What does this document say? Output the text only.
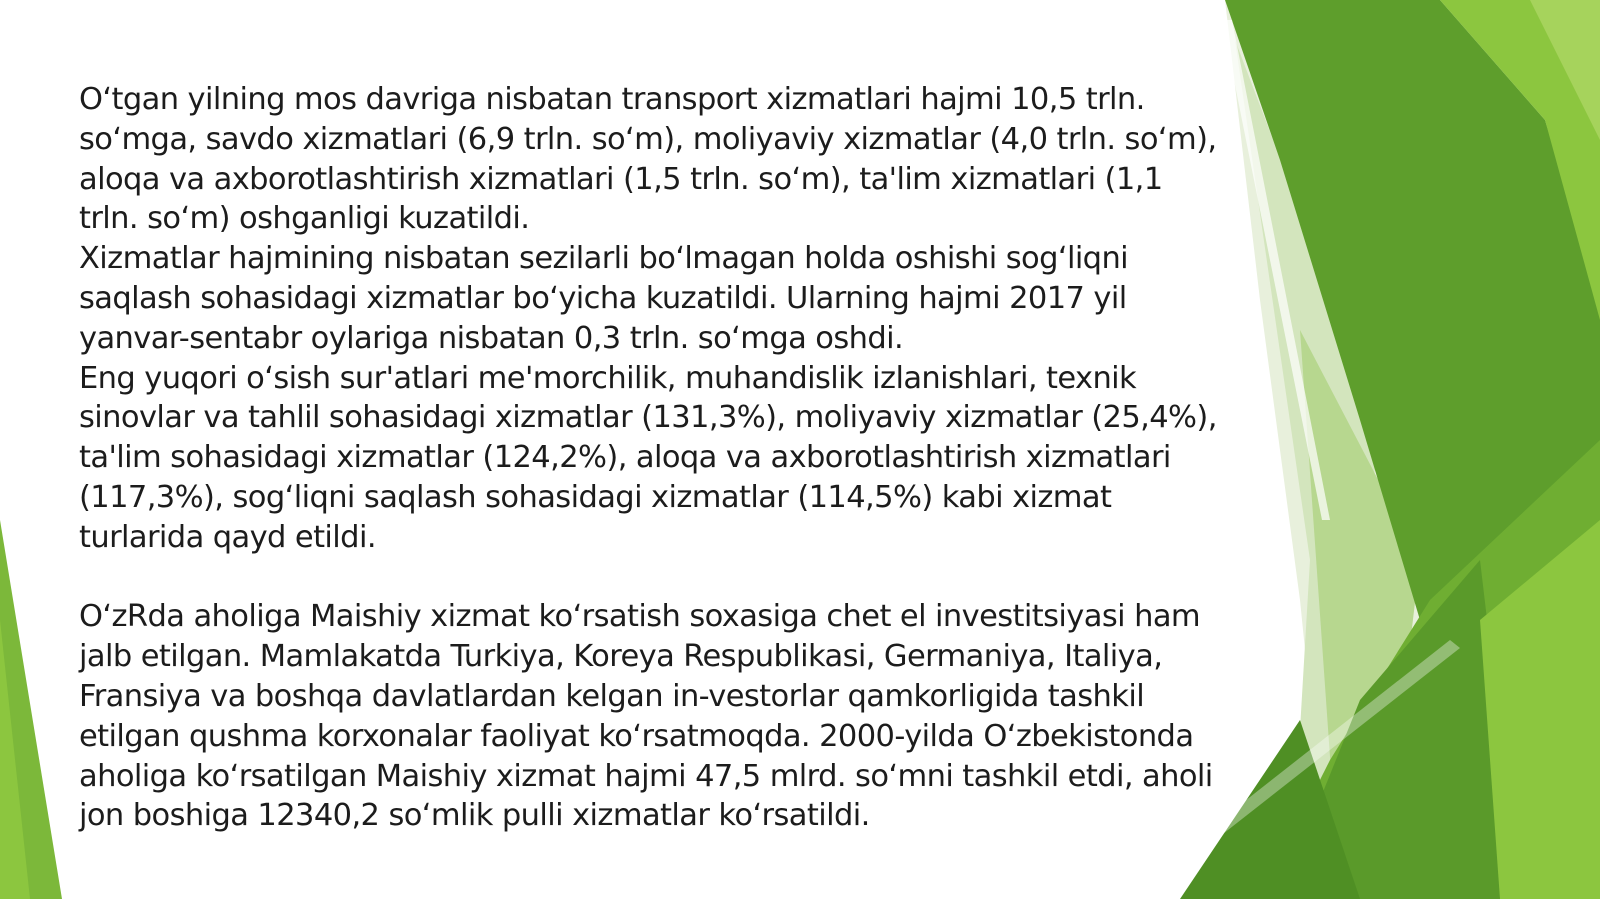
O‘tgan yilning mos davriga nisbatan transport xizmatlari hajmi 10,5 trln. so‘mga, savdo xizmatlari (6,9 trln. so‘m), moliyaviy xizmatlar (4,0 trln. so‘m), aloqa va axborotlashtirish xizmatlari (1,5 trln. so‘m), ta'lim xizmatlari (1,1 trln. so‘m) oshganligi kuzatildi.

Xizmatlar hajmining nisbatan sezilarli bo‘lmagan holda oshishi sog‘liqni saqlash sohasidagi xizmatlar bo‘yicha kuzatildi. Ularning hajmi 2017 yil yanvar-sentabr oylariga nisbatan 0,3 trln. so‘mga oshdi.

Eng yuqori o‘sish sur'atlari me'morchilik, muhandislik izlanishlari, texnik sinovlar va tahlil sohasidagi xizmatlar (131,3%), moliyaviy xizmatlar (25,4%), ta'lim sohasidagi xizmatlar (124,2%), aloqa va axborotlashtirish xizmatlari (117,3%), sog‘liqni saqlash sohasidagi xizmatlar (114,5%) kabi xizmat turlarida qayd etildi.

O‘zRda aholiga Maishiy xizmat ko‘rsatish soxasiga chet el investitsiyasi ham jalb etilgan. Mamlakatda Turkiya, Koreya Respublikasi, Germaniya, Italiya, Fransiya va boshqa davlatlardan kelgan in-vestorlar qamkorligida tashkil etilgan qushma korxonalar faoliyat ko‘rsatmoqda. 2000-yilda O‘zbekistonda aholiga ko‘rsatilgan Maishiy xizmat hajmi 47,5 mlrd. so‘mni tashkil etdi, aholi jon boshiga 12340,2 so‘mlik pulli xizmatlar ko‘rsatildi.
